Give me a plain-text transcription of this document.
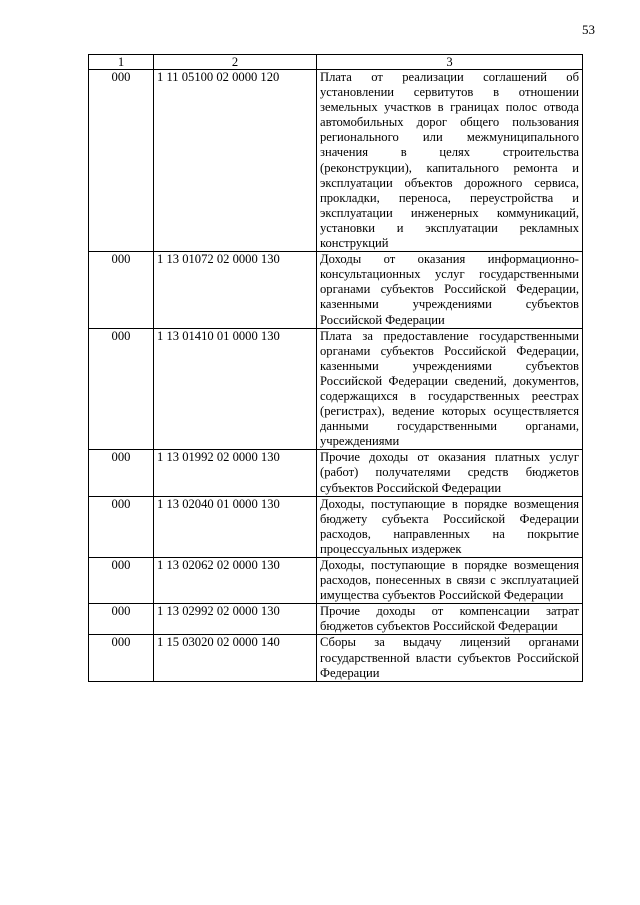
53
1	2	3
000	1 11 05100 02 0000 120	Плата от реализации соглашений об установлении сервитутов в отношении земельных участков в границах полос отвода автомобильных дорог общего пользования регионального или межмуниципального значения в целях строительства (реконструкции), капитального ремонта и эксплуатации объектов дорожного сервиса, прокладки, переноса, переустройства и эксплуатации инженерных коммуникаций, установки и эксплуатации рекламных конструкций
000	1 13 01072 02 0000 130	Доходы от оказания информационно-консультационных услуг государственными органами субъектов Российской Федерации, казенными учреждениями субъектов Российской Федерации
000	1 13 01410 01 0000 130	Плата за предоставление государственными органами субъектов Российской Федерации, казенными учреждениями субъектов Российской Федерации сведений, документов, содержащихся в государственных реестрах (регистрах), ведение которых осуществляется данными государственными органами, учреждениями
000	1 13 01992 02 0000 130	Прочие доходы от оказания платных услуг (работ) получателями средств бюджетов субъектов Российской Федерации
000	1 13 02040 01 0000 130	Доходы, поступающие в порядке возмещения бюджету субъекта Российской Федерации расходов, направленных на покрытие процессуальных издержек
000	1 13 02062 02 0000 130	Доходы, поступающие в порядке возмещения расходов, понесенных в связи с эксплуатацией имущества субъектов Российской Федерации
000	1 13 02992 02 0000 130	Прочие доходы от компенсации затрат бюджетов субъектов Российской Федерации
000	1 15 03020 02 0000 140	Сборы за выдачу лицензий органами государственной власти субъектов Российской Федерации
